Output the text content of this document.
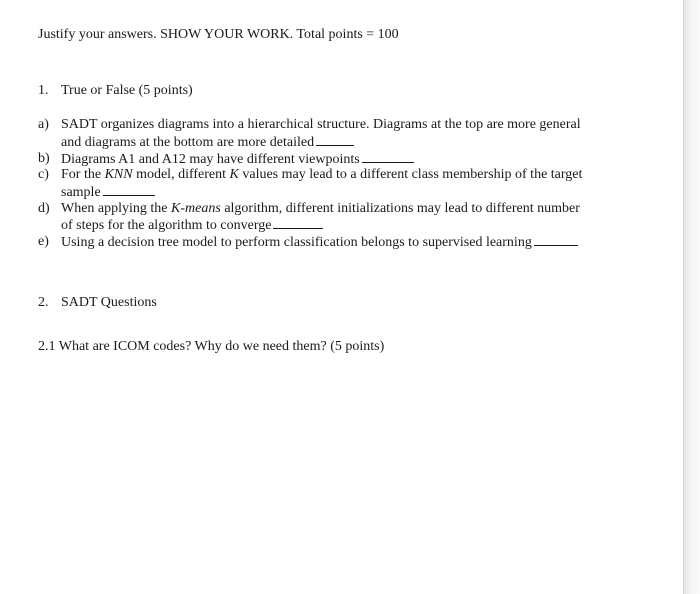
Justify your answers. SHOW YOUR WORK. Total points = 100
1. True or False (5 points)
a) SADT organizes diagrams into a hierarchical structure. Diagrams at the top are more general
and diagrams at the bottom are more detailed
b) Diagrams A1 and A12 may have different viewpoints
c) For the KNN model, different K values may lead to a different class membership of the target
sample
d) When applying the K-means algorithm, different initializations may lead to different number
of steps for the algorithm to converge
e) Using a decision tree model to perform classification belongs to supervised learning
2. SADT Questions
2.1 What are ICOM codes? Why do we need them? (5 points)
